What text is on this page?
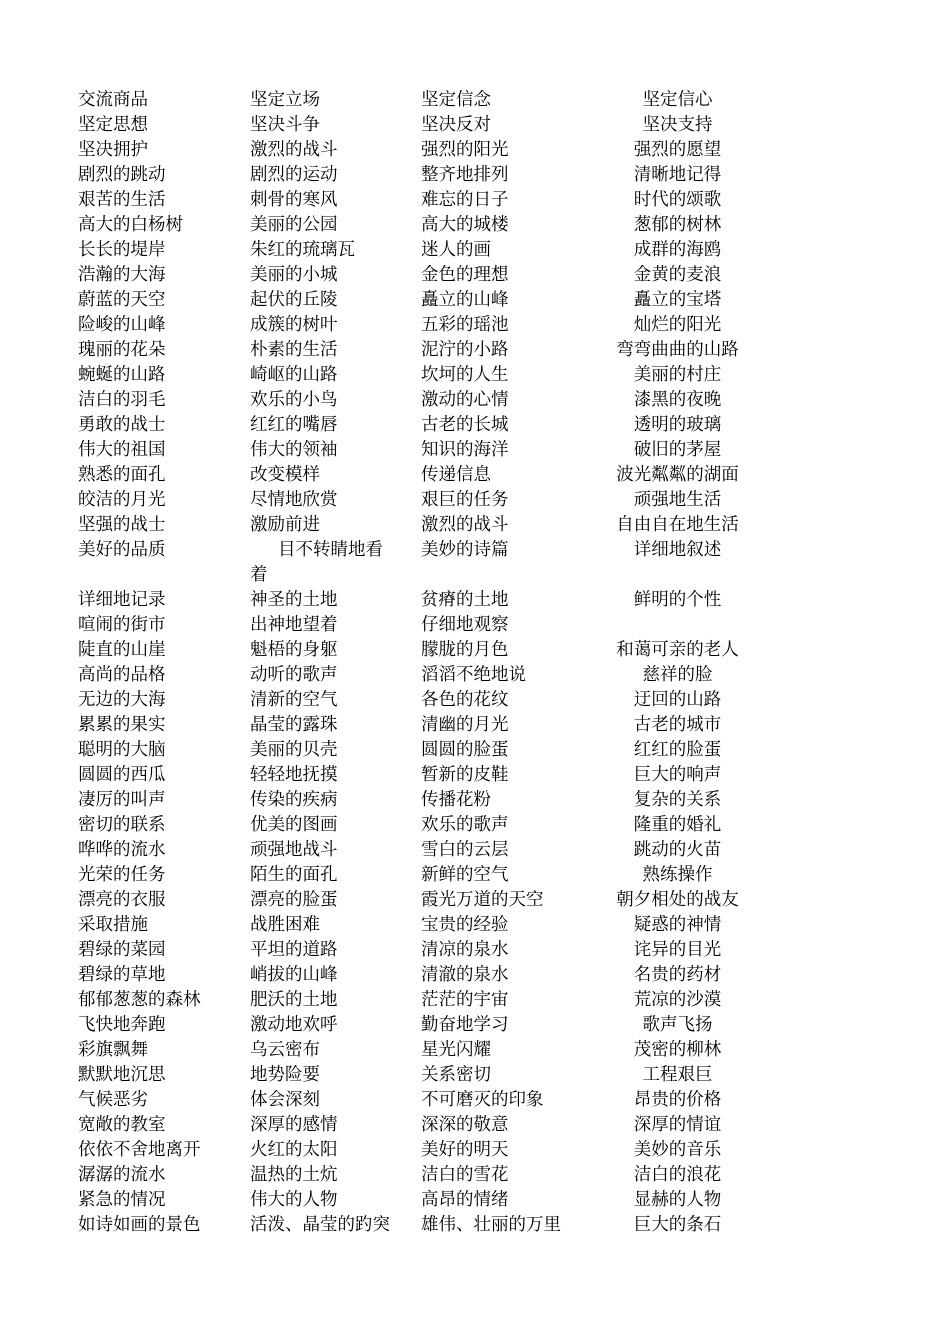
交流商品	坚定立场	坚定信念	坚定信心
坚定思想	坚决斗争	坚决反对	坚决支持
坚决拥护	激烈的战斗	强烈的阳光	强烈的愿望
剧烈的跳动	剧烈的运动	整齐地排列	清晰地记得
艰苦的生活	刺骨的寒风	难忘的日子	时代的颂歌
高大的白杨树	美丽的公园	高大的城楼	葱郁的树林
长长的堤岸	朱红的琉璃瓦	迷人的画	成群的海鸥
浩瀚的大海	美丽的小城	金色的理想	金黄的麦浪
蔚蓝的天空	起伏的丘陵	矗立的山峰	矗立的宝塔
险峻的山峰	成簇的树叶	五彩的瑶池	灿烂的阳光
瑰丽的花朵	朴素的生活	泥泞的小路	弯弯曲曲的山路
蜿蜒的山路	崎岖的山路	坎坷的人生	美丽的村庄
洁白的羽毛	欢乐的小鸟	激动的心情	漆黑的夜晚
勇敢的战士	红红的嘴唇	古老的长城	透明的玻璃
伟大的祖国	伟大的领袖	知识的海洋	破旧的茅屋
熟悉的面孔	改变模样	传递信息	波光粼粼的湖面
皎洁的月光	尽情地欣赏	艰巨的任务	顽强地生活
坚强的战士	激励前进	激烈的战斗	自由自在地生活
美好的品质	目不转睛地看着	美妙的诗篇	详细地叙述
详细地记录	神圣的土地	贫瘠的土地	鲜明的个性
喧闹的街市	出神地望着	仔细地观察	
陡直的山崖	魁梧的身躯	朦胧的月色	和蔼可亲的老人
高尚的品格	动听的歌声	滔滔不绝地说	慈祥的脸
无边的大海	清新的空气	各色的花纹	迂回的山路
累累的果实	晶莹的露珠	清幽的月光	古老的城市
聪明的大脑	美丽的贝壳	圆圆的脸蛋	红红的脸蛋
圆圆的西瓜	轻轻地抚摸	暂新的皮鞋	巨大的响声
凄厉的叫声	传染的疾病	传播花粉	复杂的关系
密切的联系	优美的图画	欢乐的歌声	隆重的婚礼
哗哗的流水	顽强地战斗	雪白的云层	跳动的火苗
光荣的任务	陌生的面孔	新鲜的空气	熟练操作
漂亮的衣服	漂亮的脸蛋	霞光万道的天空	朝夕相处的战友
采取措施	战胜困难	宝贵的经验	疑惑的神情
碧绿的菜园	平坦的道路	清凉的泉水	诧异的目光
碧绿的草地	峭拔的山峰	清澈的泉水	名贵的药材
郁郁葱葱的森林	肥沃的土地	茫茫的宇宙	荒凉的沙漠
飞快地奔跑	激动地欢呼	勤奋地学习	歌声飞扬
彩旗飘舞	乌云密布	星光闪耀	茂密的柳林
默默地沉思	地势险要	关系密切	工程艰巨
气候恶劣	体会深刻	不可磨灭的印象	昂贵的价格
宽敞的教室	深厚的感情	深深的敬意	深厚的情谊
依依不舍地离开	火红的太阳	美好的明天	美妙的音乐
潺潺的流水	温热的土炕	洁白的雪花	洁白的浪花
紧急的情况	伟大的人物	高昂的情绪	显赫的人物
如诗如画的景色	活泼、晶莹的趵突	雄伟、壮丽的万里	巨大的条石
